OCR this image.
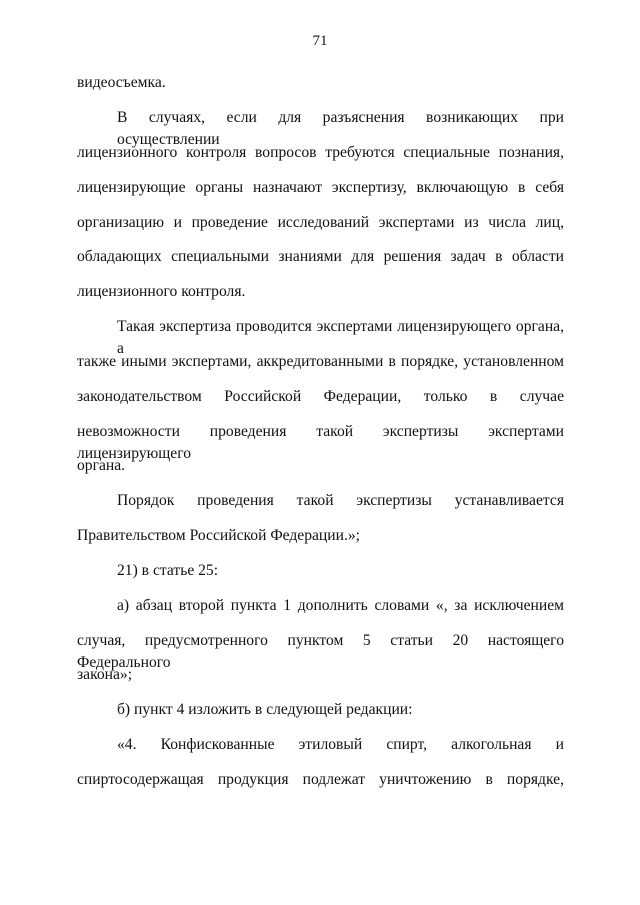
71
видеосъемка.
В случаях, если для разъяснения возникающих при осуществлении
лицензионного контроля вопросов требуются специальные познания,
лицензирующие органы назначают экспертизу, включающую в себя
организацию и проведение исследований экспертами из числа лиц,
обладающих специальными знаниями для решения задач в области
лицензионного контроля.
Такая экспертиза проводится экспертами лицензирующего органа, а
также иными экспертами, аккредитованными в порядке, установленном
законодательством Российской Федерации, только в случае
невозможности проведения такой экспертизы экспертами лицензирующего
органа.
Порядок проведения такой экспертизы устанавливается
Правительством Российской Федерации.»;
21) в статье 25:
а) абзац второй пункта 1 дополнить словами «, за исключением
случая, предусмотренного пунктом 5 статьи 20 настоящего Федерального
закона»;
б) пункт 4 изложить в следующей редакции:
«4. Конфискованные этиловый спирт, алкогольная и
спиртосодержащая продукция подлежат уничтожению в порядке,
